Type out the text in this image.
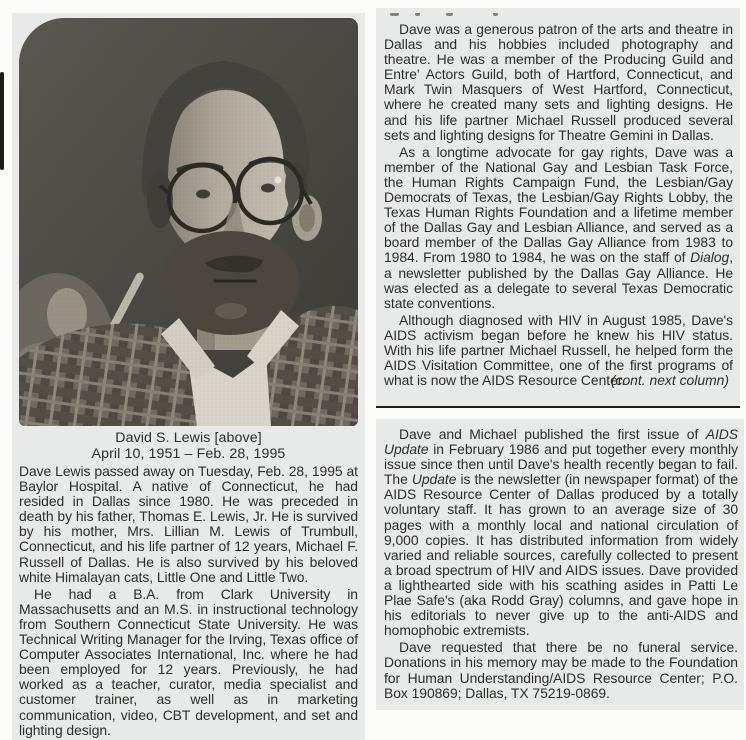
David S. Lewis [above]
April 10, 1951 – Feb. 28, 1995

Dave Lewis passed away on Tuesday, Feb. 28, 1995 at Baylor Hospital. A native of Connecticut, he had resided in Dallas since 1980. He was preceded in death by his father, Thomas E. Lewis, Jr. He is survived by his mother, Mrs. Lillian M. Lewis of Trumbull, Connecticut, and his life partner of 12 years, Michael F. Russell of Dallas. He is also survived by his beloved white Himalayan cats, Little One and Little Two.

He had a B.A. from Clark University in Massachusetts and an M.S. in instructional technology from Southern Connecticut State University. He was Technical Writing Manager for the Irving, Texas office of Computer Associates International, Inc. where he had been employed for 12 years. Previously, he had worked as a teacher, curator, media specialist and customer trainer, as well as in marketing communication, video, CBT development, and set and lighting design.

Dave was a generous patron of the arts and theatre in Dallas and his hobbies included photography and theatre. He was a member of the Producing Guild and Entre' Actors Guild, both of Hartford, Connecticut, and Mark Twin Masquers of West Hartford, Connecticut, where he created many sets and lighting designs. He and his life partner Michael Russell produced several sets and lighting designs for Theatre Gemini in Dallas.

As a longtime advocate for gay rights, Dave was a member of the National Gay and Lesbian Task Force, the Human Rights Campaign Fund, the Lesbian/Gay Democrats of Texas, the Lesbian/Gay Rights Lobby, the Texas Human Rights Foundation and a lifetime member of the Dallas Gay and Lesbian Alliance, and served as a board member of the Dallas Gay Alliance from 1983 to 1984. From 1980 to 1984, he was on the staff of Dialog, a newsletter published by the Dallas Gay Alliance. He was elected as a delegate to several Texas Democratic state conventions.

Although diagnosed with HIV in August 1985, Dave's AIDS activism began before he knew his HIV status. With his life partner Michael Russell, he helped form the AIDS Visitation Committee, one of the first programs of what is now the AIDS Resource Center.

(cont. next column)

Dave and Michael published the first issue of AIDS Update in February 1986 and put together every monthly issue since then until Dave's health recently began to fail. The Update is the newsletter (in newspaper format) of the AIDS Resource Center of Dallas produced by a totally voluntary staff. It has grown to an average size of 30 pages with a monthly local and national circulation of 9,000 copies. It has distributed information from widely varied and reliable sources, carefully collected to present a broad spectrum of HIV and AIDS issues. Dave provided a lighthearted side with his scathing asides in Patti Le Plae Safe's (aka Rodd Gray) columns, and gave hope in his editorials to never give up to the anti-AIDS and homophobic extremists.

Dave requested that there be no funeral service. Donations in his memory may be made to the Foundation for Human Understanding/AIDS Resource Center; P.O. Box 190869; Dallas, TX 75219-0869.
